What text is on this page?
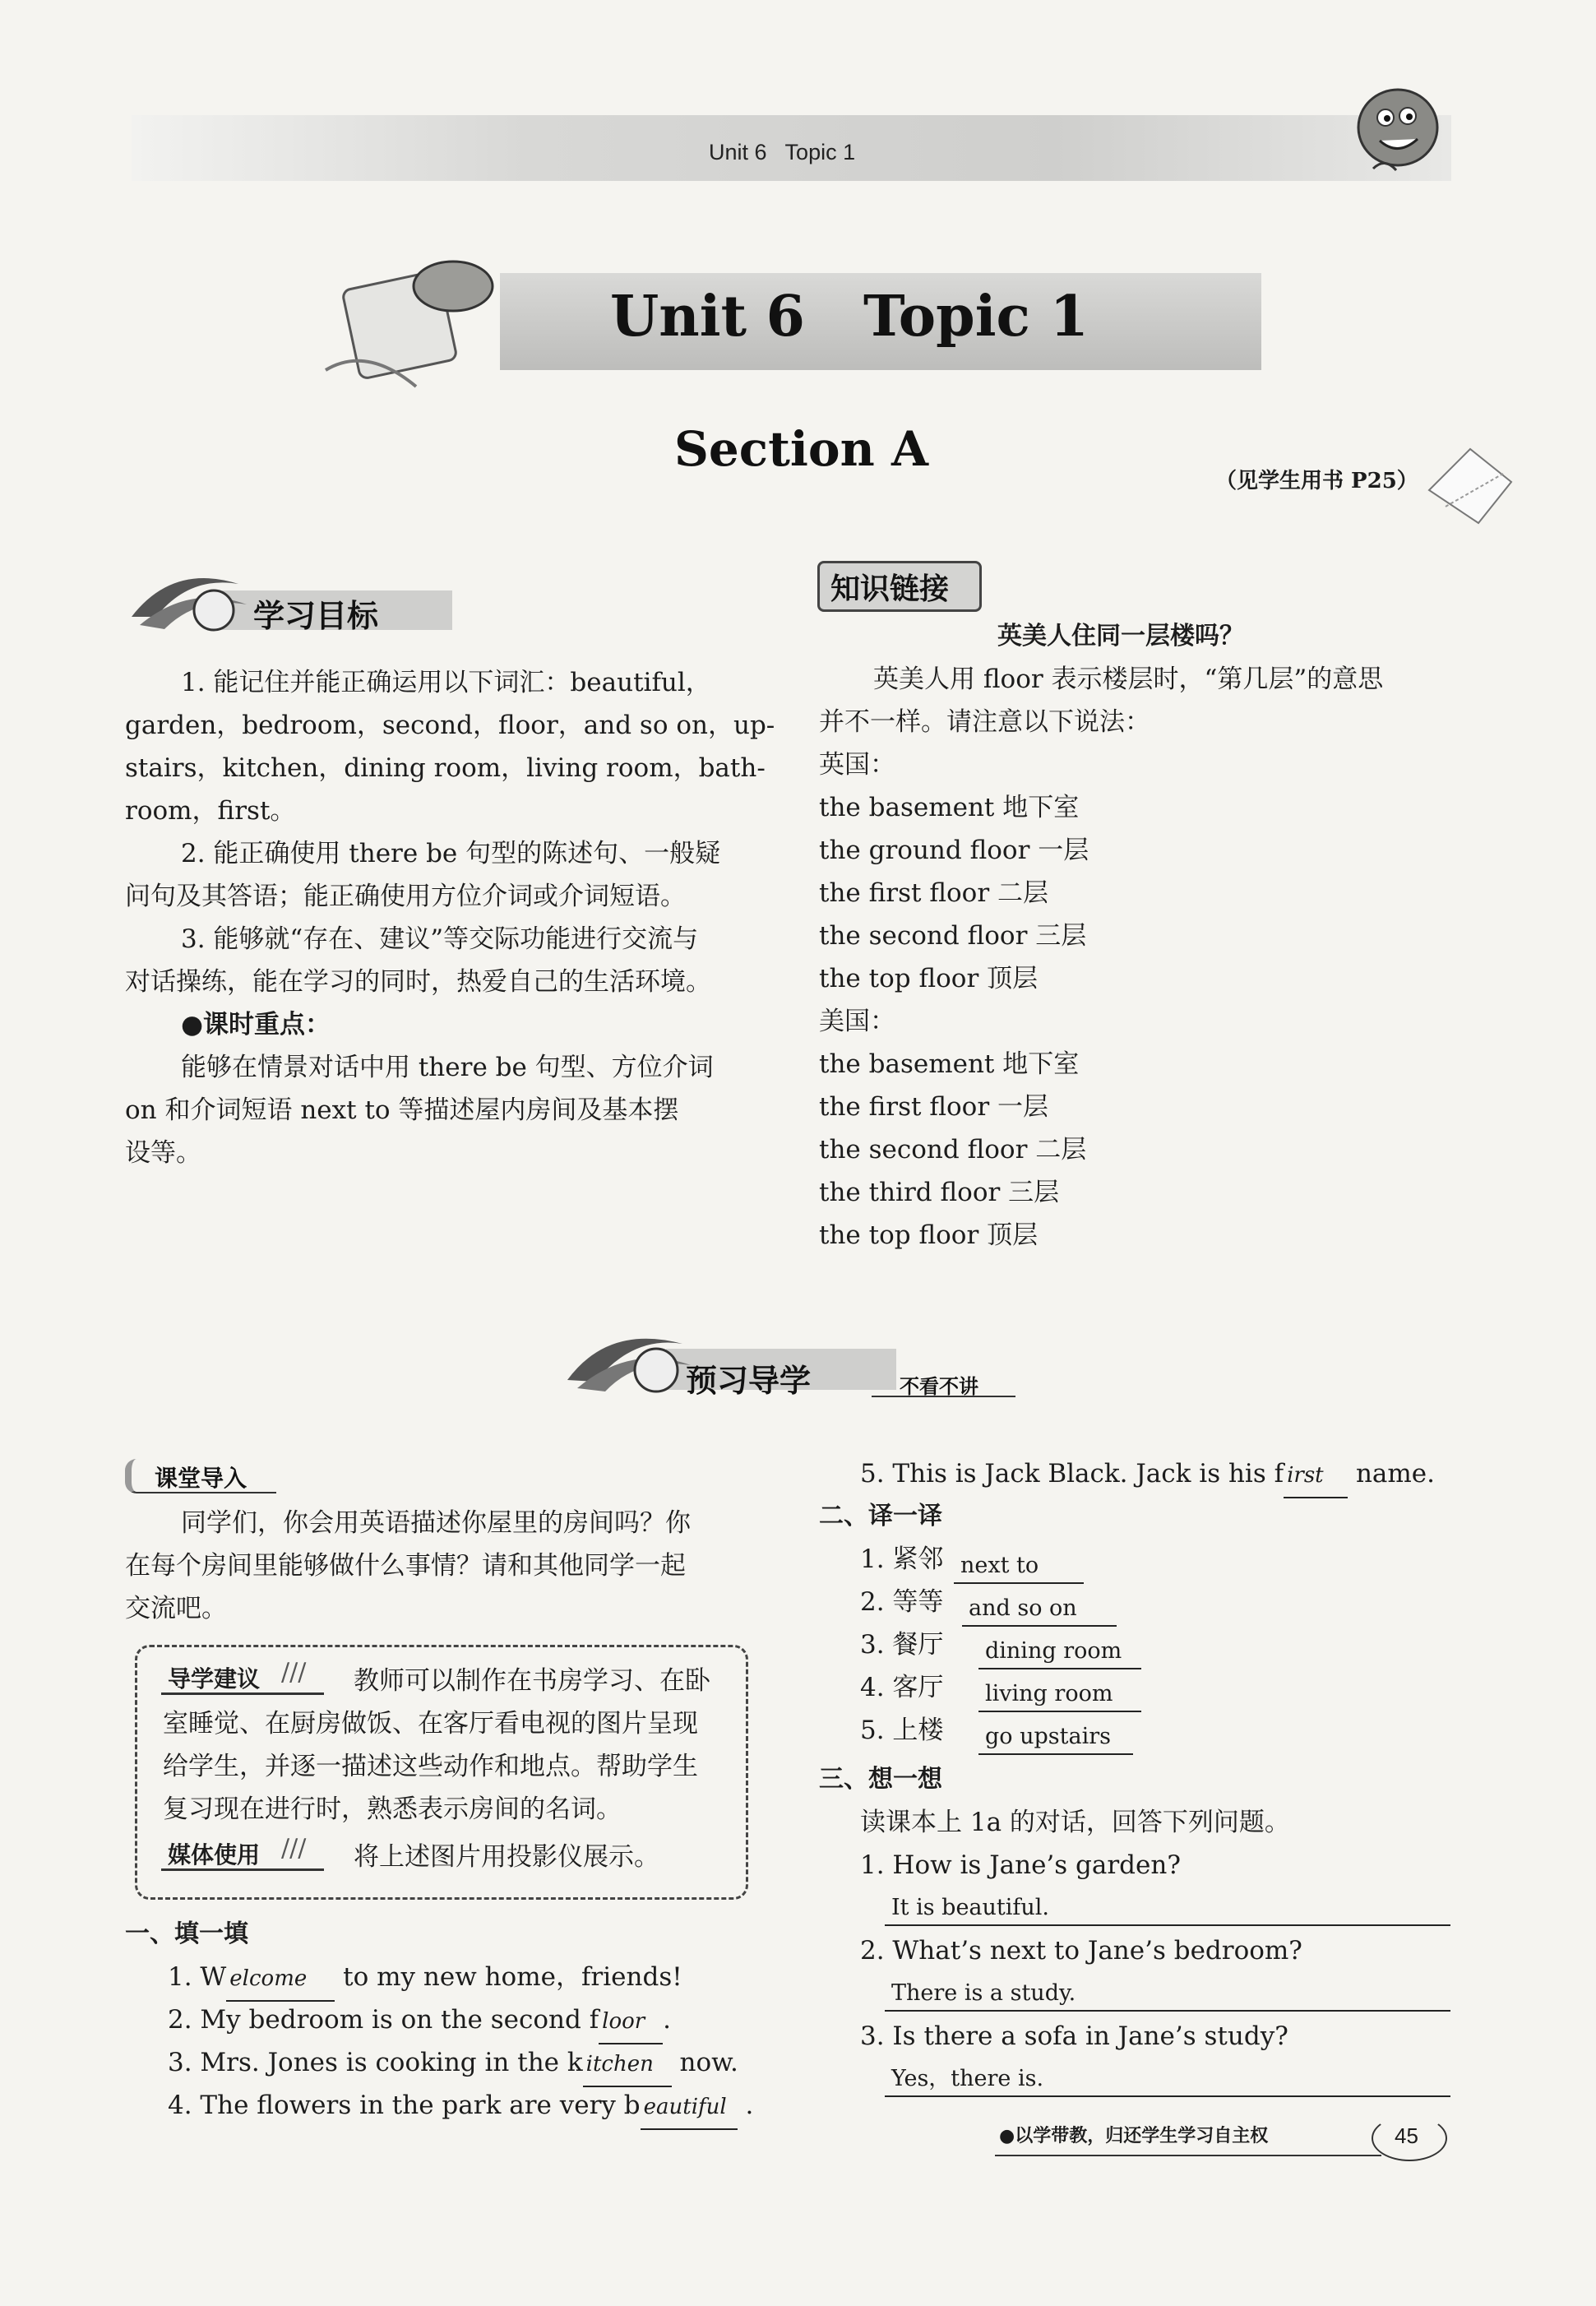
Unit 6   Topic 1
Unit 6   Topic 1
Section A
（见学生用书 P25）
学习目标
1. 能记住并能正确运用以下词汇：beautiful，
garden，bedroom，second，floor，and so on，up-
stairs，kitchen，dining room，living room，bath-
room，first。
2. 能正确使用 there be 句型的陈述句、一般疑
问句及其答语；能正确使用方位介词或介词短语。
3. 能够就“存在、建议”等交际功能进行交流与
对话操练，能在学习的同时，热爱自己的生活环境。
●课时重点：
能够在情景对话中用 there be 句型、方位介词
on 和介词短语 next to 等描述屋内房间及基本摆
设等。
知识链接
英美人住同一层楼吗？
英美人用 floor 表示楼层时，“第几层”的意思
并不一样。请注意以下说法：
英国：
the basement 地下室
the ground floor 一层
the first floor 二层
the second floor 三层
the top floor 顶层
美国：
the basement 地下室
the first floor 一层
the second floor 二层
the third floor 三层
the top floor 顶层
预习导学	不看不讲
课堂导入
同学们，你会用英语描述你屋里的房间吗？你
在每个房间里能够做什么事情？请和其他同学一起
交流吧。
导学建议 /// 教师可以制作在书房学习、在卧
室睡觉、在厨房做饭、在客厅看电视的图片呈现
给学生，并逐一描述这些动作和地点。帮助学生
复习现在进行时，熟悉表示房间的名词。
媒体使用 /// 将上述图片用投影仪展示。
一、填一填
1. W elcome to my new home，friends!
2. My bedroom is on the second f loor .
3. Mrs. Jones is cooking in the k itchen now.
4. The flowers in the park are very b eautiful .
5. This is Jack Black. Jack is his f irst name.
二、译一译
1. 紧邻 next to
2. 等等 and so on
3. 餐厅 dining room
4. 客厅 living room
5. 上楼 go upstairs
三、想一想
读课本上 1a 的对话，回答下列问题。
1. How is Jane’s garden?
It is beautiful.
2. What’s next to Jane’s bedroom?
There is a study.
3. Is there a sofa in Jane’s study?
Yes，there is.
●以学带教，归还学生学习自主权	45
